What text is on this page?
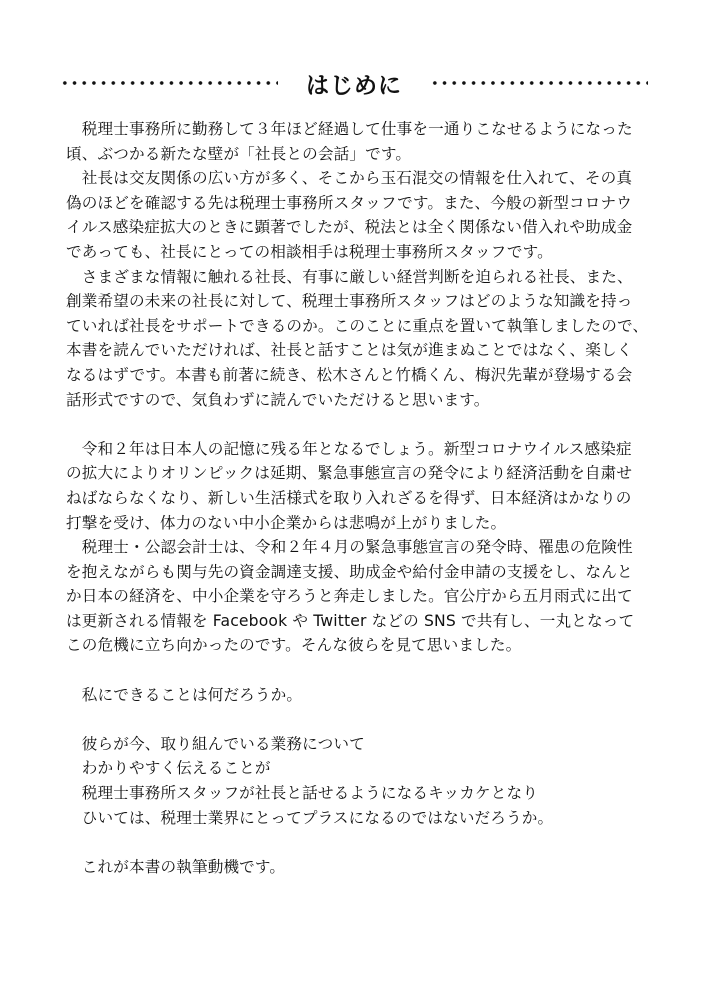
はじめに
　税理士事務所に勤務して３年ほど経過して仕事を一通りこなせるようになった
頃、ぶつかる新たな壁が「社長との会話」です。
　社長は交友関係の広い方が多く、そこから玉石混交の情報を仕入れて、その真
偽のほどを確認する先は税理士事務所スタッフです。また、今般の新型コロナウ
イルス感染症拡大のときに顕著でしたが、税法とは全く関係ない借入れや助成金
であっても、社長にとっての相談相手は税理士事務所スタッフです。
　さまざまな情報に触れる社長、有事に厳しい経営判断を迫られる社長、また、
創業希望の未来の社長に対して、税理士事務所スタッフはどのような知識を持っ
ていれば社長をサポートできるのか。このことに重点を置いて執筆しましたので、
本書を読んでいただければ、社長と話すことは気が進まぬことではなく、楽しく
なるはずです。本書も前著に続き、松木さんと竹橋くん、梅沢先輩が登場する会
話形式ですので、気負わずに読んでいただけると思います。
　令和２年は日本人の記憶に残る年となるでしょう。新型コロナウイルス感染症
の拡大によりオリンピックは延期、緊急事態宣言の発令により経済活動を自粛せ
ねばならなくなり、新しい生活様式を取り入れざるを得ず、日本経済はかなりの
打撃を受け、体力のない中小企業からは悲鳴が上がりました。
　税理士・公認会計士は、令和２年４月の緊急事態宣言の発令時、罹患の危険性
を抱えながらも関与先の資金調達支援、助成金や給付金申請の支援をし、なんと
か日本の経済を、中小企業を守ろうと奔走しました。官公庁から五月雨式に出て
は更新される情報を Facebook や Twitter などの SNS で共有し、一丸となって
この危機に立ち向かったのです。そんな彼らを見て思いました。
　私にできることは何だろうか。
　彼らが今、取り組んでいる業務について
　わかりやすく伝えることが
　税理士事務所スタッフが社長と話せるようになるキッカケとなり
　ひいては、税理士業界にとってプラスになるのではないだろうか。
　これが本書の執筆動機です。
